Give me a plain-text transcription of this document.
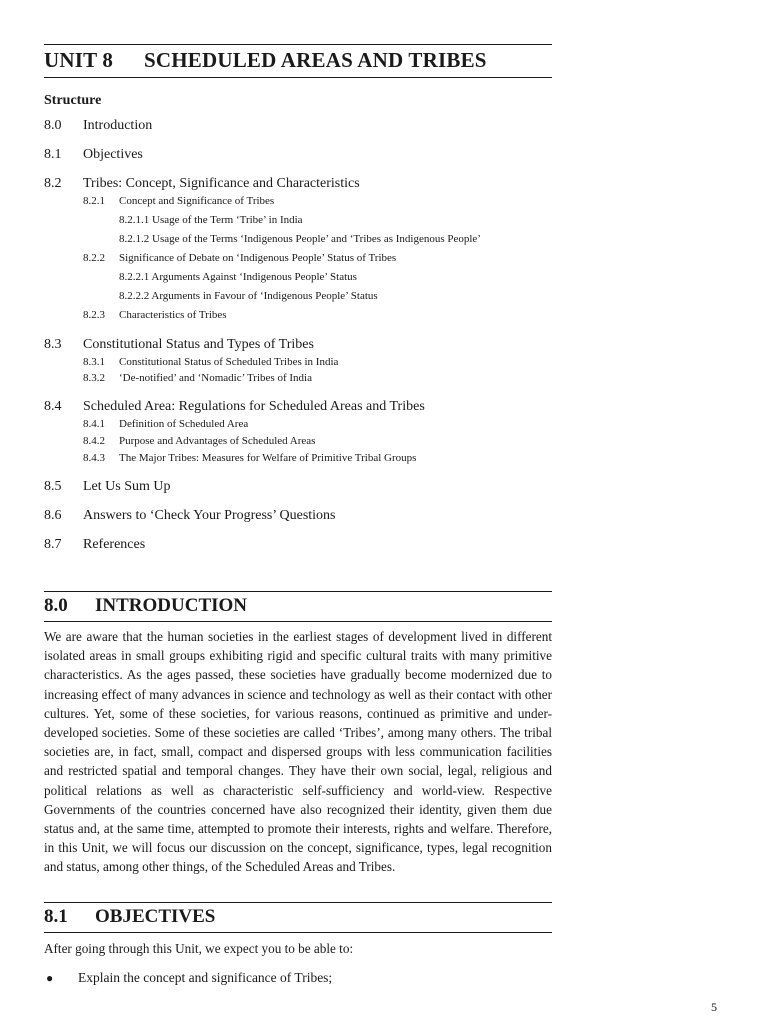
UNIT 8 SCHEDULED AREAS AND TRIBES
Structure
8.0	Introduction
8.1	Objectives
8.2	Tribes: Concept, Significance and Characteristics
8.2.1	Concept and Significance of Tribes
8.2.1.1 Usage of the Term ‘Tribe’ in India
8.2.1.2 Usage of the Terms ‘Indigenous People’ and ‘Tribes as Indigenous People’
8.2.2	Significance of Debate on ‘Indigenous People’ Status of Tribes
8.2.2.1 Arguments Against ‘Indigenous People’ Status
8.2.2.2 Arguments in Favour of ‘Indigenous People’ Status
8.2.3	Characteristics of Tribes
8.3	Constitutional Status and Types of Tribes
8.3.1	Constitutional Status of Scheduled Tribes in India
8.3.2	‘De-notified’ and ‘Nomadic’ Tribes of India
8.4	Scheduled Area: Regulations for Scheduled Areas and Tribes
8.4.1	Definition of Scheduled Area
8.4.2	Purpose and Advantages of Scheduled Areas
8.4.3	The Major Tribes: Measures for Welfare of Primitive Tribal Groups
8.5	Let Us Sum Up
8.6	Answers to ‘Check Your Progress’ Questions
8.7	References
8.0 INTRODUCTION
We are aware that the human societies in the earliest stages of development lived in different isolated areas in small groups exhibiting rigid and specific cultural traits with many primitive characteristics. As the ages passed, these societies have gradually become modernized due to increasing effect of many advances in science and technology as well as their contact with other cultures. Yet, some of these societies, for various reasons, continued as primitive and under-developed societies. Some of these societies are called ‘Tribes’, among many others. The tribal societies are, in fact, small, compact and dispersed groups with less communication facilities and restricted spatial and temporal changes. They have their own social, legal, religious and political relations as well as characteristic self-sufficiency and world-view. Respective Governments of the countries concerned have also recognized their identity, given them due status and, at the same time, attempted to promote their interests, rights and welfare. Therefore, in this Unit, we will focus our discussion on the concept, significance, types, legal recognition and status, among other things, of the Scheduled Areas and Tribes.
8.1 OBJECTIVES
After going through this Unit, we expect you to be able to:
●	Explain the concept and significance of Tribes;
5
